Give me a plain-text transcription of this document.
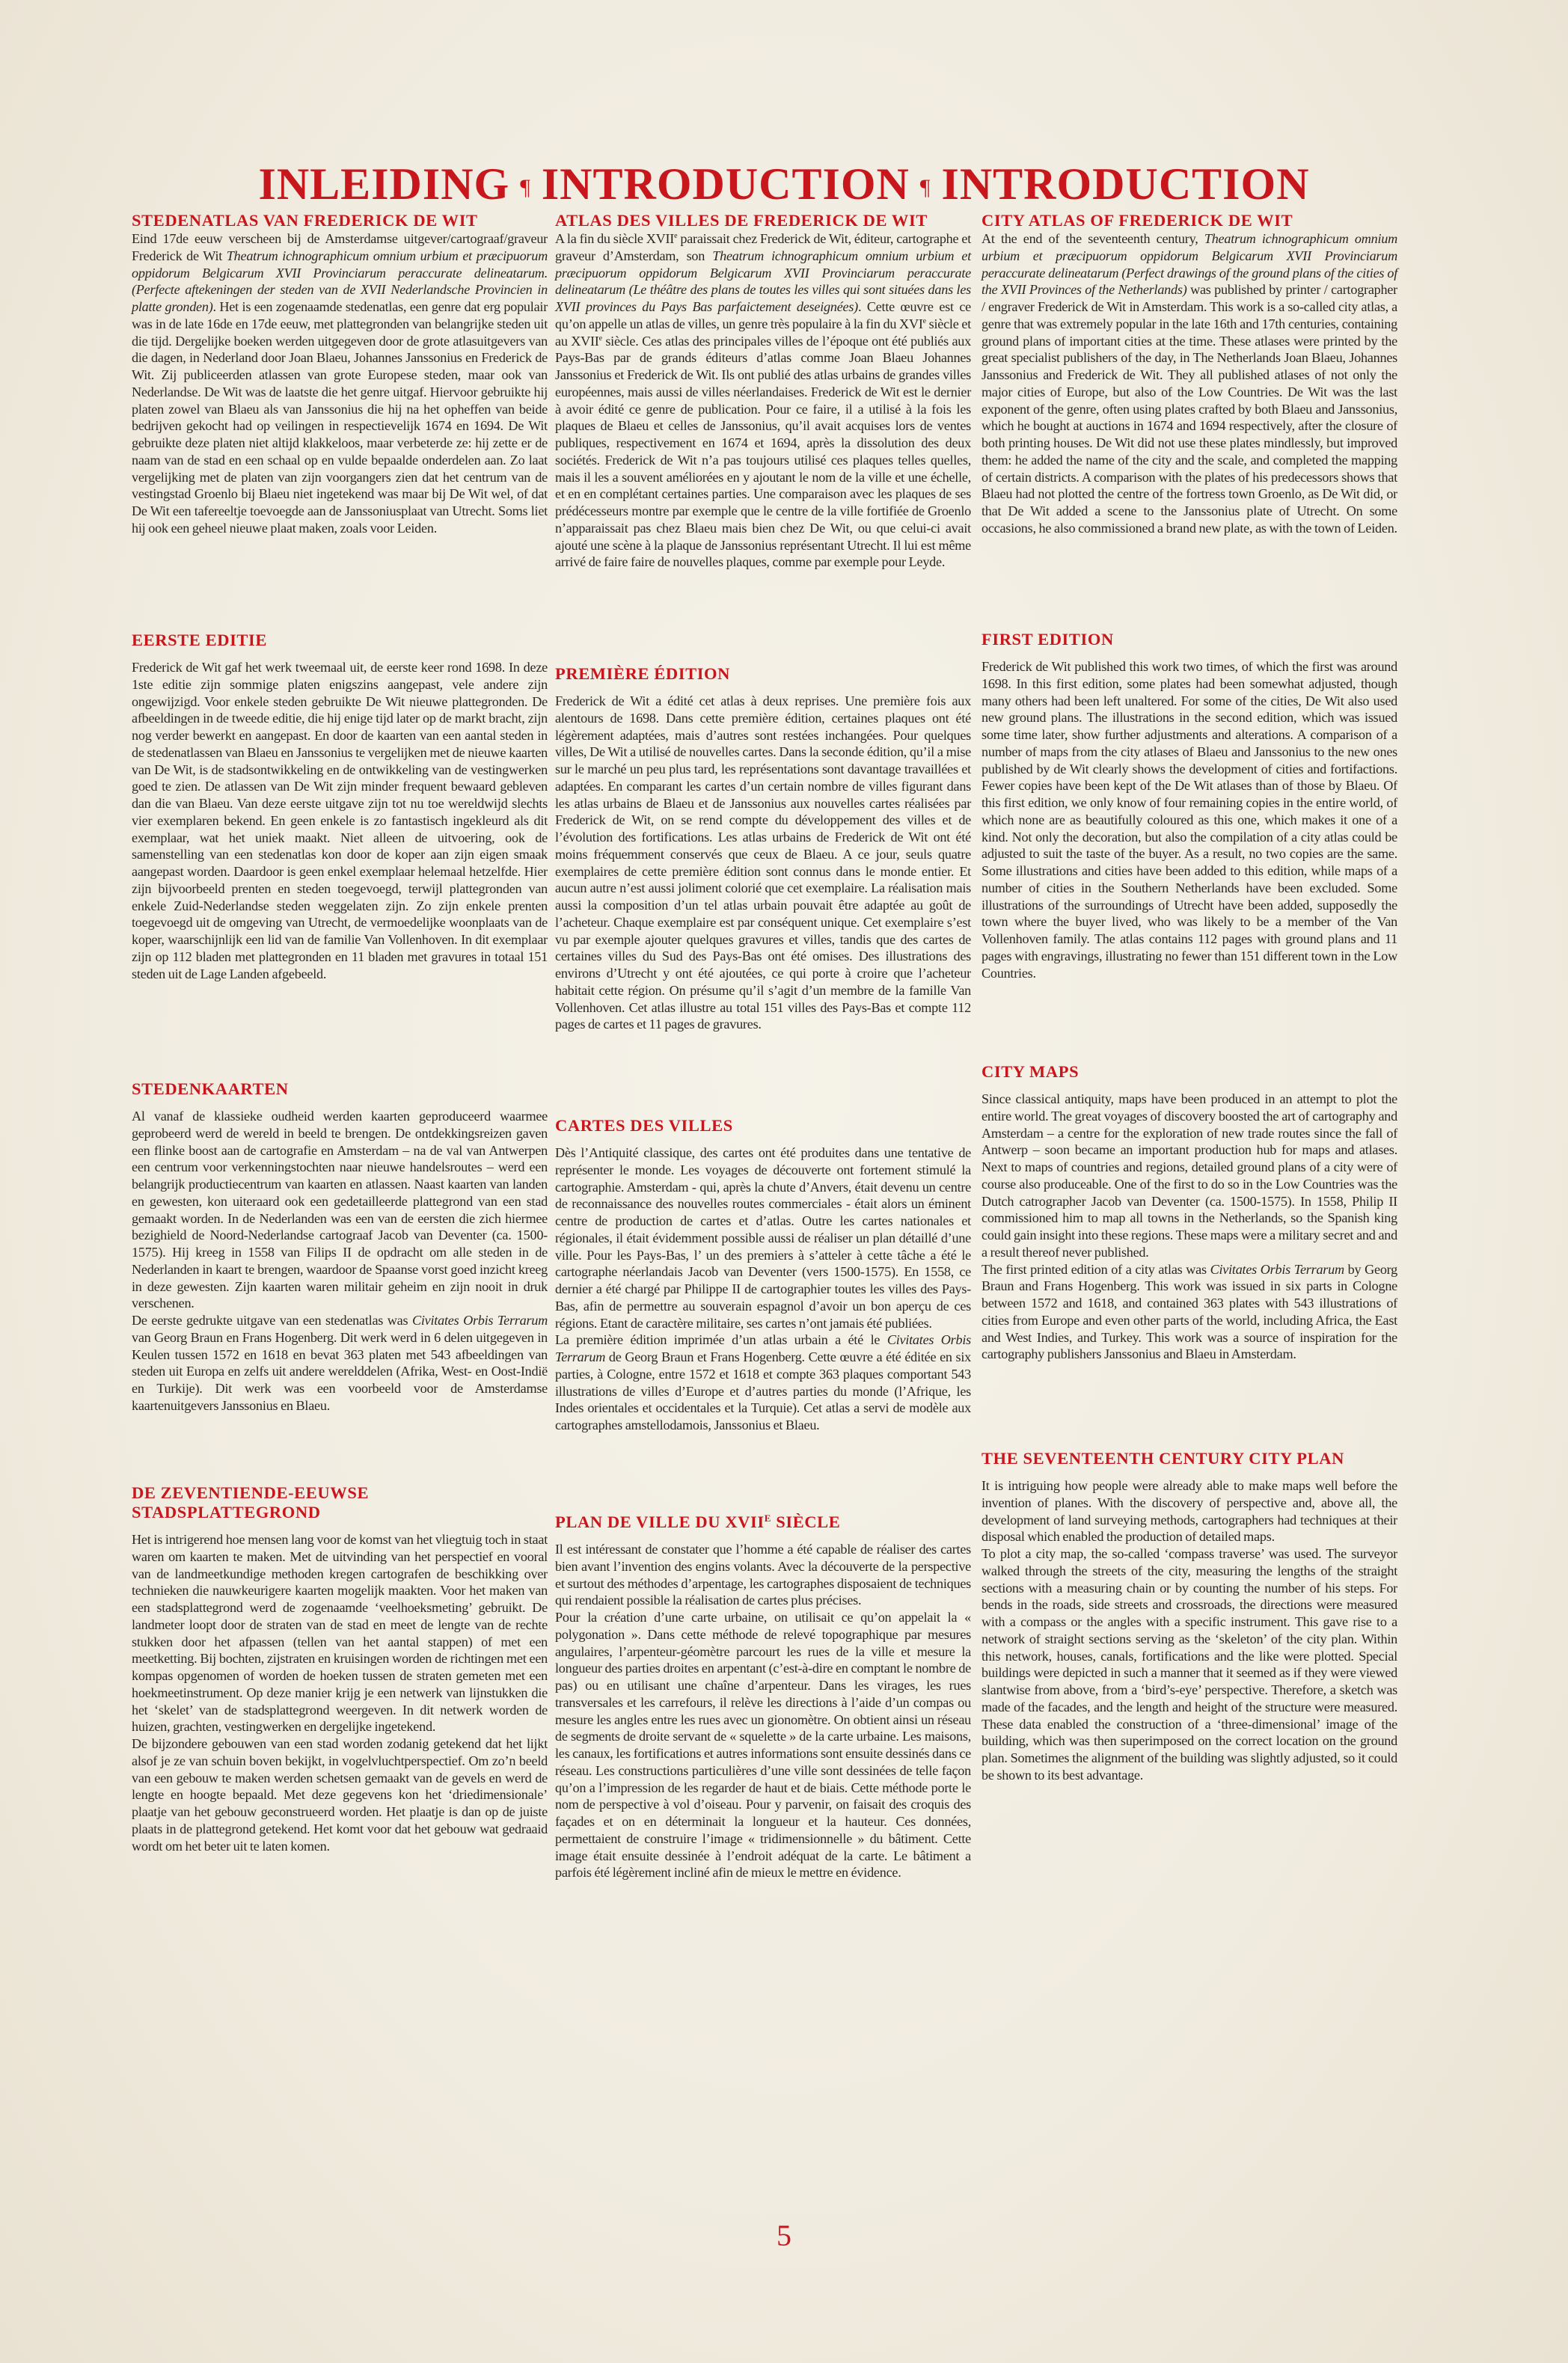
INLEIDING ¶ INTRODUCTION ¶ INTRODUCTION
STEDENATLAS VAN FREDERICK DE WIT

Eind 17de eeuw verscheen bij de Amsterdamse uitgever/cartograaf/graveur Frederick de Wit Theatrum ichnographicum omnium urbium et præcipuorum oppidorum Belgicarum XVII Provinciarum peraccurate delineatarum. (Perfecte aftekeningen der steden van de XVII Nederlandsche Provincien in platte gronden). Het is een zogenaamde stedenatlas, een genre dat erg populair was in de late 16de en 17de eeuw, met plattegronden van belangrijke steden uit die tijd. Dergelijke boeken werden uitgegeven door de grote atlasuitgevers van die dagen, in Nederland door Joan Blaeu, Johannes Janssonius en Frederick de Wit. Zij publiceerden atlassen van grote Europese steden, maar ook van Nederlandse. De Wit was de laatste die het genre uitgaf. Hiervoor gebruikte hij platen zowel van Blaeu als van Janssonius die hij na het opheffen van beide bedrijven gekocht had op veilingen in respectievelijk 1674 en 1694. De Wit gebruikte deze platen niet altijd klakkeloos, maar verbeterde ze: hij zette er de naam van de stad en een schaal op en vulde bepaalde onderdelen aan. Zo laat vergelijking met de platen van zijn voorgangers zien dat het centrum van de vestingstad Groenlo bij Blaeu niet ingetekend was maar bij De Wit wel, of dat De Wit een tafereeltje toevoegde aan de Janssoniusplaat van Utrecht. Soms liet hij ook een geheel nieuwe plaat maken, zoals voor Leiden.

EERSTE EDITIE

Frederick de Wit gaf het werk tweemaal uit, de eerste keer rond 1698. In deze 1ste editie zijn sommige platen enigszins aangepast, vele andere zijn ongewijzigd. Voor enkele steden gebruikte De Wit nieuwe plattegronden. De afbeeldingen in de tweede editie, die hij enige tijd later op de markt bracht, zijn nog verder bewerkt en aangepast. En door de kaarten van een aantal steden in de stedenatlassen van Blaeu en Janssonius te vergelijken met de nieuwe kaarten van De Wit, is de stadsontwikkeling en de ontwikkeling van de vestingwerken goed te zien. De atlassen van De Wit zijn minder frequent bewaard gebleven dan die van Blaeu. Van deze eerste uitgave zijn tot nu toe wereldwijd slechts vier exemplaren bekend. En geen enkele is zo fantastisch ingekleurd als dit exemplaar, wat het uniek maakt. Niet alleen de uitvoering, ook de samenstelling van een stedenatlas kon door de koper aan zijn eigen smaak aangepast worden. Daardoor is geen enkel exemplaar helemaal hetzelfde. Hier zijn bijvoorbeeld prenten en steden toegevoegd, terwijl plattegronden van enkele Zuid-Nederlandse steden weggelaten zijn. Zo zijn enkele prenten toegevoegd uit de omgeving van Utrecht, de vermoedelijke woonplaats van de koper, waarschijnlijk een lid van de familie Van Vollenhoven. In dit exemplaar zijn op 112 bladen met plattegronden en 11 bladen met gravures in totaal 151 steden uit de Lage Landen afgebeeld.

STEDENKAARTEN

Al vanaf de klassieke oudheid werden kaarten geproduceerd waarmee geprobeerd werd de wereld in beeld te brengen. De ontdekkingsreizen gaven een flinke boost aan de cartografie en Amsterdam – na de val van Antwerpen een centrum voor verkenningstochten naar nieuwe handelsroutes – werd een belangrijk productiecentrum van kaarten en atlassen. Naast kaarten van landen en gewesten, kon uiteraard ook een gedetailleerde plattegrond van een stad gemaakt worden. In de Nederlanden was een van de eersten die zich hiermee bezighield de Noord-Nederlandse cartograaf Jacob van Deventer (ca. 1500-1575). Hij kreeg in 1558 van Filips II de opdracht om alle steden in de Nederlanden in kaart te brengen, waardoor de Spaanse vorst goed inzicht kreeg in deze gewesten. Zijn kaarten waren militair geheim en zijn nooit in druk verschenen.

De eerste gedrukte uitgave van een stedenatlas was Civitates Orbis Terrarum van Georg Braun en Frans Hogenberg. Dit werk werd in 6 delen uitgegeven in Keulen tussen 1572 en 1618 en bevat 363 platen met 543 afbeeldingen van steden uit Europa en zelfs uit andere werelddelen (Afrika, West- en Oost-Indië en Turkije). Dit werk was een voorbeeld voor de Amsterdamse kaartenuitgevers Janssonius en Blaeu.

DE ZEVENTIENDE-EEUWSE STADSPLATTEGROND

Het is intrigerend hoe mensen lang voor de komst van het vliegtuig toch in staat waren om kaarten te maken. Met de uitvinding van het perspectief en vooral van de landmeetkundige methoden kregen cartografen de beschikking over technieken die nauwkeurigere kaarten mogelijk maakten. Voor het maken van een stadsplattegrond werd de zogenaamde ‘veelhoeksmeting’ gebruikt. De landmeter loopt door de straten van de stad en meet de lengte van de rechte stukken door het afpassen (tellen van het aantal stappen) of met een meetketting. Bij bochten, zijstraten en kruisingen worden de richtingen met een kompas opgenomen of worden de hoeken tussen de straten gemeten met een hoekmeetinstrument. Op deze manier krijg je een netwerk van lijnstukken die het ‘skelet’ van de stadsplattegrond weergeven. In dit netwerk worden de huizen, grachten, vestingwerken en dergelijke ingetekend.

De bijzondere gebouwen van een stad worden zodanig getekend dat het lijkt alsof je ze van schuin boven bekijkt, in vogelvluchtperspectief. Om zo’n beeld van een gebouw te maken werden schetsen gemaakt van de gevels en werd de lengte en hoogte bepaald. Met deze gegevens kon het ‘driedimensionale’ plaatje van het gebouw geconstrueerd worden. Het plaatje is dan op de juiste plaats in de plattegrond getekend. Het komt voor dat het gebouw wat gedraaid wordt om het beter uit te laten komen.

ATLAS DES VILLES DE FREDERICK DE WIT

A la fin du siècle XVIIe paraissait chez Frederick de Wit, éditeur, cartographe et graveur d’Amsterdam, son Theatrum ichnographicum omnium urbium et præcipuorum oppidorum Belgicarum XVII Provinciarum peraccurate delineatarum (Le théâtre des plans de toutes les villes qui sont situées dans les XVII provinces du Pays Bas parfaictement deseignées). Cette œuvre est ce qu’on appelle un atlas de villes, un genre très populaire à la fin du XVIe siècle et au XVIIe siècle. Ces atlas des principales villes de l’époque ont été publiés aux Pays-Bas par de grands éditeurs d’atlas comme Joan Blaeu Johannes Janssonius et Frederick de Wit. Ils ont publié des atlas urbains de grandes villes européennes, mais aussi de villes néerlandaises. Frederick de Wit est le dernier à avoir édité ce genre de publication. Pour ce faire, il a utilisé à la fois les plaques de Blaeu et celles de Janssonius, qu’il avait acquises lors de ventes publiques, respectivement en 1674 et 1694, après la dissolution des deux sociétés. Frederick de Wit n’a pas toujours utilisé ces plaques telles quelles, mais il les a souvent améliorées en y ajoutant le nom de la ville et une échelle, et en en complétant certaines parties. Une comparaison avec les plaques de ses prédécesseurs montre par exemple que le centre de la ville fortifiée de Groenlo n’apparaissait pas chez Blaeu mais bien chez De Wit, ou que celui-ci avait ajouté une scène à la plaque de Janssonius représentant Utrecht. Il lui est même arrivé de faire faire de nouvelles plaques, comme par exemple pour Leyde.

PREMIÈRE ÉDITION

Frederick de Wit a édité cet atlas à deux reprises. Une première fois aux alentours de 1698. Dans cette première édition, certaines plaques ont été légèrement adaptées, mais d’autres sont restées inchangées. Pour quelques villes, De Wit a utilisé de nouvelles cartes. Dans la seconde édition, qu’il a mise sur le marché un peu plus tard, les représentations sont davantage travaillées et adaptées. En comparant les cartes d’un certain nombre de villes figurant dans les atlas urbains de Blaeu et de Janssonius aux nouvelles cartes réalisées par Frederick de Wit, on se rend compte du développement des villes et de l’évolution des fortifications. Les atlas urbains de Frederick de Wit ont été moins fréquemment conservés que ceux de Blaeu. A ce jour, seuls quatre exemplaires de cette première édition sont connus dans le monde entier. Et aucun autre n’est aussi joliment colorié que cet exemplaire. La réalisation mais aussi la composition d’un tel atlas urbain pouvait être adaptée au goût de l’acheteur. Chaque exemplaire est par conséquent unique. Cet exemplaire s’est vu par exemple ajouter quelques gravures et villes, tandis que des cartes de certaines villes du Sud des Pays-Bas ont été omises. Des illustrations des environs d’Utrecht y ont été ajoutées, ce qui porte à croire que l’acheteur habitait cette région. On présume qu’il s’agit d’un membre de la famille Van Vollenhoven. Cet atlas illustre au total 151 villes des Pays-Bas et compte 112 pages de cartes et 11 pages de gravures.

CARTES DES VILLES

Dès l’Antiquité classique, des cartes ont été produites dans une tentative de représenter le monde. Les voyages de découverte ont fortement stimulé la cartographie. Amsterdam - qui, après la chute d’Anvers, était devenu un centre de reconnaissance des nouvelles routes commerciales - était alors un éminent centre de production de cartes et d’atlas. Outre les cartes nationales et régionales, il était évidemment possible aussi de réaliser un plan détaillé d’une ville. Pour les Pays-Bas, l’ un des premiers à s’atteler à cette tâche a été le cartographe néerlandais Jacob van Deventer (vers 1500-1575). En 1558, ce dernier a été chargé par Philippe II de cartographier toutes les villes des Pays-Bas, afin de permettre au souverain espagnol d’avoir un bon aperçu de ces régions. Etant de caractère militaire, ses cartes n’ont jamais été publiées.

La première édition imprimée d’un atlas urbain a été le Civitates Orbis Terrarum de Georg Braun et Frans Hogenberg. Cette œuvre a été éditée en six parties, à Cologne, entre 1572 et 1618 et compte 363 plaques comportant 543 illustrations de villes d’Europe et d’autres parties du monde (l’Afrique, les Indes orientales et occidentales et la Turquie). Cet atlas a servi de modèle aux cartographes amstellodamois, Janssonius et Blaeu.

PLAN DE VILLE DU $XVII^E$ SIÈCLE

Il est intéressant de constater que l’homme a été capable de réaliser des cartes bien avant l’invention des engins volants. Avec la découverte de la perspective et surtout des méthodes d’arpentage, les cartographes disposaient de techniques qui rendaient possible la réalisation de cartes plus précises.

Pour la création d’une carte urbaine, on utilisait ce qu’on appelait la « polygonation ». Dans cette méthode de relevé topographique par mesures angulaires, l’arpenteur-géomètre parcourt les rues de la ville et mesure la longueur des parties droites en arpentant (c’est-à-dire en comptant le nombre de pas) ou en utilisant une chaîne d’arpenteur. Dans les virages, les rues transversales et les carrefours, il relève les directions à l’aide d’un compas ou mesure les angles entre les rues avec un gionomètre. On obtient ainsi un réseau de segments de droite servant de « squelette » de la carte urbaine. Les maisons, les canaux, les fortifications et autres informations sont ensuite dessinés dans ce réseau. Les constructions particulières d’une ville sont dessinées de telle façon qu’on a l’impression de les regarder de haut et de biais. Cette méthode porte le nom de perspective à vol d’oiseau. Pour y parvenir, on faisait des croquis des façades et on en déterminait la longueur et la hauteur. Ces données, permettaient de construire l’image « tridimensionnelle » du bâtiment. Cette image était ensuite dessinée à l’endroit adéquat de la carte. Le bâtiment a parfois été légèrement incliné afin de mieux le mettre en évidence.

CITY ATLAS OF FREDERICK DE WIT

At the end of the seventeenth century, Theatrum ichnographicum omnium urbium et præcipuorum oppidorum Belgicarum XVII Provinciarum peraccurate delineatarum (Perfect drawings of the ground plans of the cities of the XVII Provinces of the Netherlands) was published by printer / cartographer / engraver Frederick de Wit in Amsterdam. This work is a so-called city atlas, a genre that was extremely popular in the late 16th and 17th centuries, containing ground plans of important cities at the time. These atlases were printed by the great specialist publishers of the day, in The Netherlands Joan Blaeu, Johannes Janssonius and Frederick de Wit. They all published atlases of not only the major cities of Europe, but also of the Low Countries. De Wit was the last exponent of the genre, often using plates crafted by both Blaeu and Janssonius, which he bought at auctions in 1674 and 1694 respectively, after the closure of both printing houses. De Wit did not use these plates mindlessly, but improved them: he added the name of the city and the scale, and completed the mapping of certain districts. A comparison with the plates of his predecessors shows that Blaeu had not plotted the centre of the fortress town Groenlo, as De Wit did, or that De Wit added a scene to the Janssonius plate of Utrecht. On some occasions, he also commissioned a brand new plate, as with the town of Leiden.

FIRST EDITION

Frederick de Wit published this work two times, of which the first was around 1698. In this first edition, some plates had been somewhat adjusted, though many others had been left unaltered. For some of the cities, De Wit also used new ground plans. The illustrations in the second edition, which was issued some time later, show further adjustments and alterations. A comparison of a number of maps from the city atlases of Blaeu and Janssonius to the new ones published by de Wit clearly shows the development of cities and fortifactions. Fewer copies have been kept of the De Wit atlases than of those by Blaeu. Of this first edition, we only know of four remaining copies in the entire world, of which none are as beautifully coloured as this one, which makes it one of a kind. Not only the decoration, but also the compilation of a city atlas could be adjusted to suit the taste of the buyer. As a result, no two copies are the same. Some illustrations and cities have been added to this edition, while maps of a number of cities in the Southern Netherlands have been excluded. Some illustrations of the surroundings of Utrecht have been added, supposedly the town where the buyer lived, who was likely to be a member of the Van Vollenhoven family. The atlas contains 112 pages with ground plans and 11 pages with engravings, illustrating no fewer than 151 different town in the Low Countries.

CITY MAPS

Since classical antiquity, maps have been produced in an attempt to plot the entire world. The great voyages of discovery boosted the art of cartography and Amsterdam – a centre for the exploration of new trade routes since the fall of Antwerp – soon became an important production hub for maps and atlases. Next to maps of countries and regions, detailed ground plans of a city were of course also produceable. One of the first to do so in the Low Countries was the Dutch catrographer Jacob van Deventer (ca. 1500-1575). In 1558, Philip II commissioned him to map all towns in the Netherlands, so the Spanish king could gain insight into these regions. These maps were a military secret and and a result thereof never published.

The first printed edition of a city atlas was Civitates Orbis Terrarum by Georg Braun and Frans Hogenberg. This work was issued in six parts in Cologne between 1572 and 1618, and contained 363 plates with 543 illustrations of cities from Europe and even other parts of the world, including Africa, the East and West Indies, and Turkey. This work was a source of inspiration for the cartography publishers Janssonius and Blaeu in Amsterdam.

THE SEVENTEENTH CENTURY CITY PLAN

It is intriguing how people were already able to make maps well before the invention of planes. With the discovery of perspective and, above all, the development of land surveying methods, cartographers had techniques at their disposal which enabled the production of detailed maps.

To plot a city map, the so-called ‘compass traverse’ was used. The surveyor walked through the streets of the city, measuring the lengths of the straight sections with a measuring chain or by counting the number of his steps. For bends in the roads, side streets and crossroads, the directions were measured with a compass or the angles with a specific instrument. This gave rise to a network of straight sections serving as the ‘skeleton’ of the city plan. Within this network, houses, canals, fortifications and the like were plotted. Special buildings were depicted in such a manner that it seemed as if they were viewed slantwise from above, from a ‘bird’s-eye’ perspective. Therefore, a sketch was made of the facades, and the length and height of the structure were measured. These data enabled the construction of a ‘three-dimensional’ image of the building, which was then superimposed on the correct location on the ground plan. Sometimes the alignment of the building was slightly adjusted, so it could be shown to its best advantage.

5
